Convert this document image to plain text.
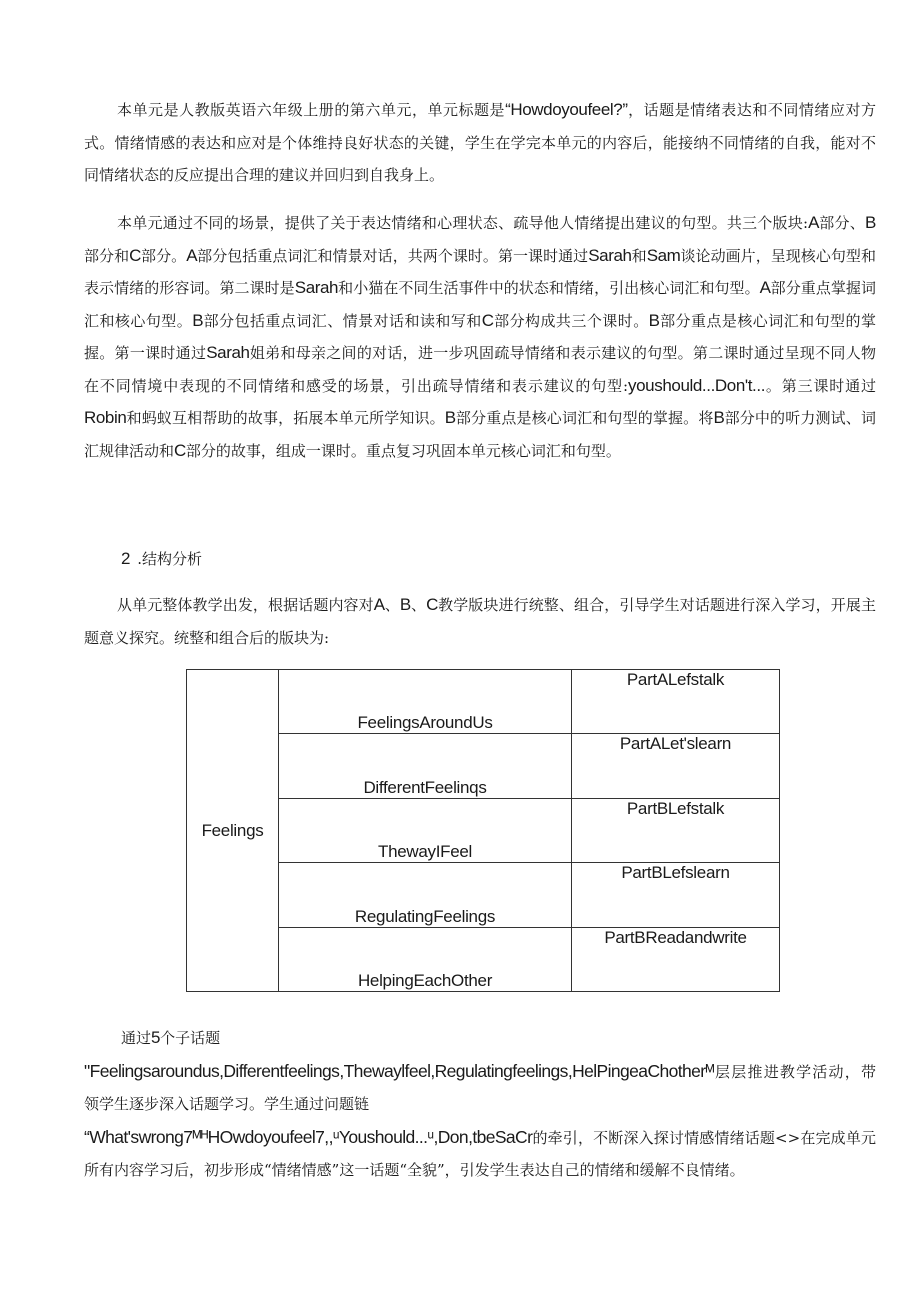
本单元是人教版英语六年级上册的第六单元，单元标题是“Howdoyoufeel?”，话题是情绪表达和不同情绪应对方式。情绪情感的表达和应对是个体维持良好状态的关键，学生在学完本单元的内容后，能接纳不同情绪的自我，能对不同情绪状态的反应提出合理的建议并回归到自我身上。

本单元通过不同的场景，提供了关于表达情绪和心理状态、疏导他人情绪提出建议的句型。共三个版块:A部分、B部分和C部分。A部分包括重点词汇和情景对话，共两个课时。第一课时通过Sarah和Sam谈论动画片，呈现核心句型和表示情绪的形容词。第二课时是Sarah和小猫在不同生活事件中的状态和情绪，引出核心词汇和句型。A部分重点掌握词汇和核心句型。B部分包括重点词汇、情景对话和读和写和C部分构成共三个课时。B部分重点是核心词汇和句型的掌握。第一课时通过Sarah姐弟和母亲之间的对话，进一步巩固疏导情绪和表示建议的句型。第二课时通过呈现不同人物在不同情境中表现的不同情绪和感受的场景，引出疏导情绪和表示建议的句型:youshould...Don't...。第三课时通过Robin和蚂蚁互相帮助的故事，拓展本单元所学知识。B部分重点是核心词汇和句型的掌握。将B部分中的听力测试、词汇规律活动和C部分的故事，组成一课时。重点复习巩固本单元核心词汇和句型。

2 .结构分析

从单元整体教学出发，根据话题内容对A、B、C教学版块进行统整、组合，引导学生对话题进行深入学习，开展主题意义探究。统整和组合后的版块为:

Feelings	FeelingsAroundUs	PartALefstalk
	DifferentFeelinqs	PartALet'slearn
	ThewayIFeel	PartBLefstalk
	RegulatingFeelings	PartBLefslearn
	HelpingEachOther	PartBReadandwrite

通过5个子话题
"Feelingsaroundus,Differentfeelings,Thewaylfeel,Regulatingfeelings,HelPingeaChotherᴹ层层推进教学活动，带领学生逐步深入话题学习。学生通过问题链
“What'swrong7ᴹᴴHOwdoyoufeel7,,ᵘYoushould...ᵘ,Don,tbeSaCr的牵引，不断深入探讨情感情绪话题<>在完成单元所有内容学习后，初步形成“情绪情感”这一话题“全貌”，引发学生表达自己的情绪和缓解不良情绪。
